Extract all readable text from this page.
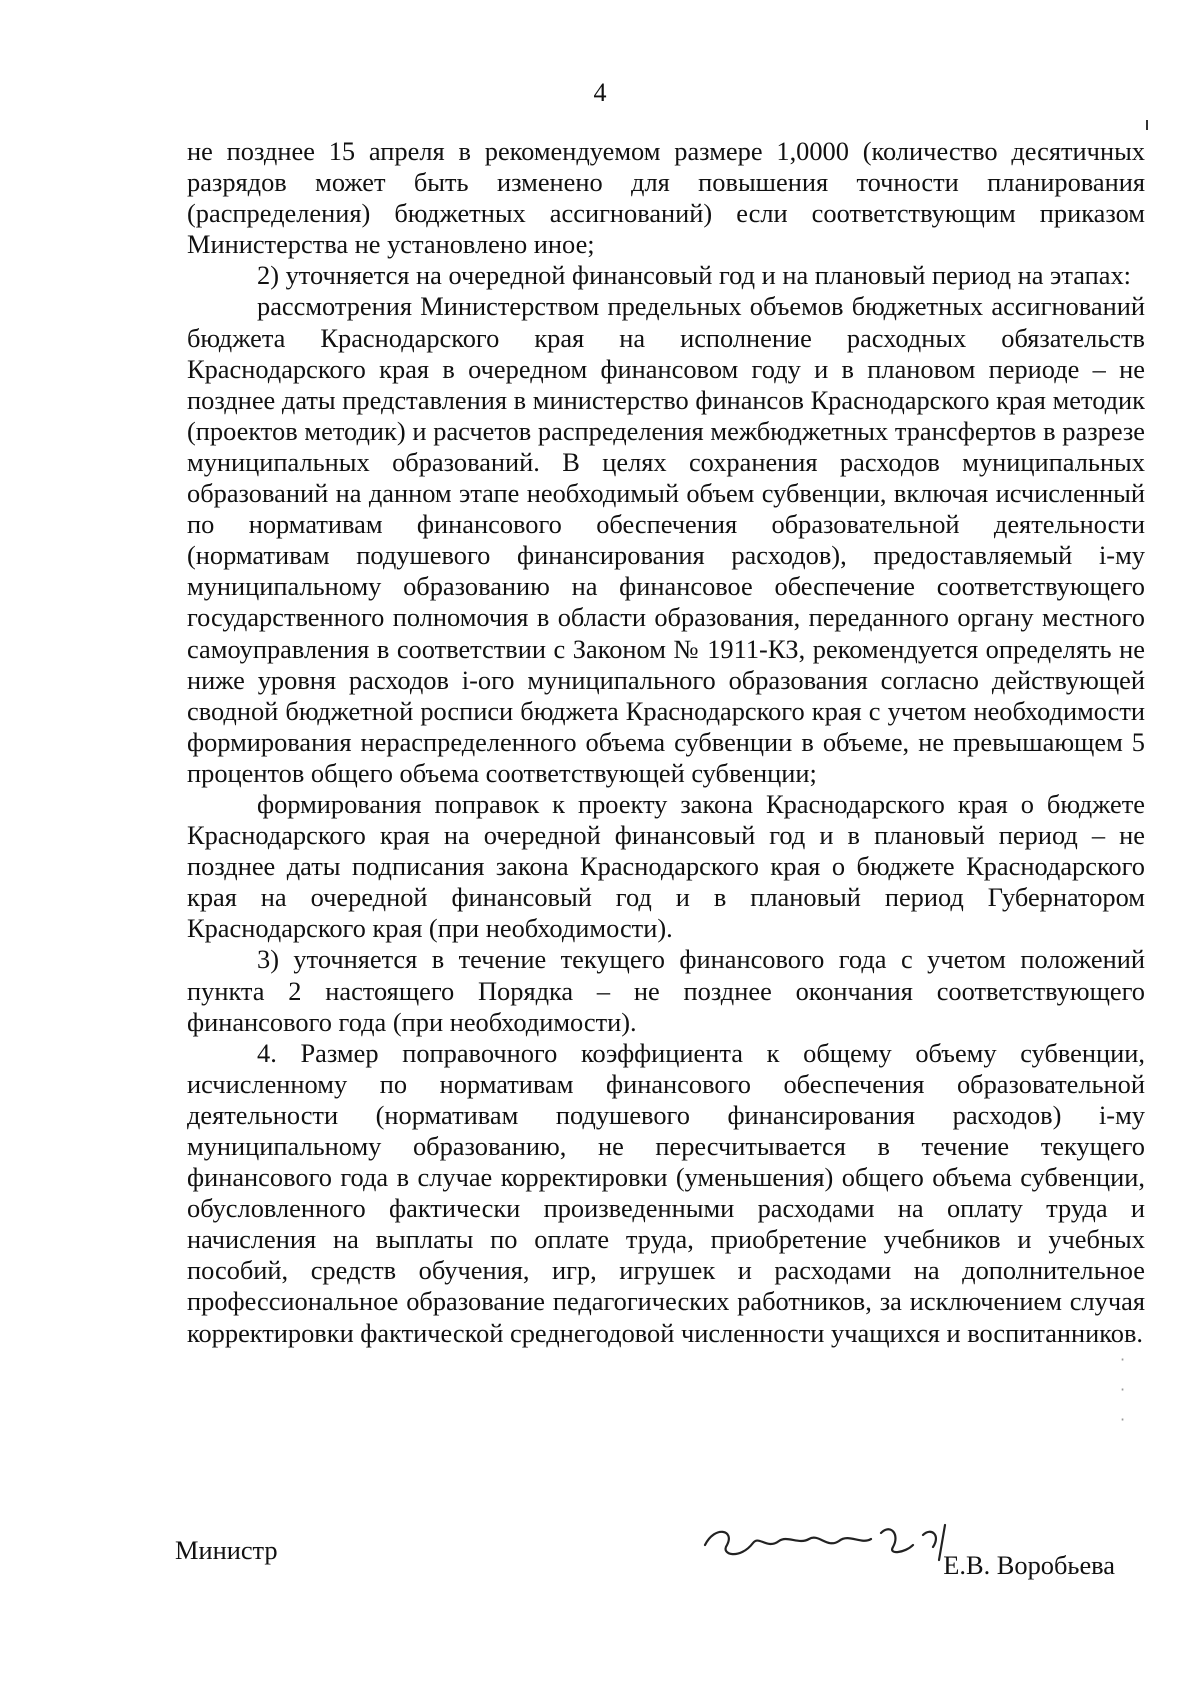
4

не позднее 15 апреля в рекомендуемом размере 1,0000 (количество десятичных разрядов может быть изменено для повышения точности планирования (распределения) бюджетных ассигнований) если соответствующим приказом Министерства не установлено иное;

2) уточняется на очередной финансовый год и на плановый период на этапах:

рассмотрения Министерством предельных объемов бюджетных ассигнований бюджета Краснодарского края на исполнение расходных обязательств Краснодарского края в очередном финансовом году и в плановом периоде – не позднее даты представления в министерство финансов Краснодарского края методик (проектов методик) и расчетов распределения межбюджетных трансфертов в разрезе муниципальных образований. В целях сохранения расходов муниципальных образований на данном этапе необходимый объем субвенции, включая исчисленный по нормативам финансового обеспечения образовательной деятельности (нормативам подушевого финансирования расходов), предоставляемый i-му муниципальному образованию на финансовое обеспечение соответствующего государственного полномочия в области образования, переданного органу местного самоуправления в соответствии с Законом № 1911-КЗ, рекомендуется определять не ниже уровня расходов i-ого муниципального образования согласно действующей сводной бюджетной росписи бюджета Краснодарского края с учетом необходимости формирования нераспределенного объема субвенции в объеме, не превышающем 5 процентов общего объема соответствующей субвенции;

формирования поправок к проекту закона Краснодарского края о бюджете Краснодарского края на очередной финансовый год и в плановый период – не позднее даты подписания закона Краснодарского края о бюджете Краснодарского края на очередной финансовый год и в плановый период Губернатором Краснодарского края (при необходимости).

3) уточняется в течение текущего финансового года с учетом положений пункта 2 настоящего Порядка – не позднее окончания соответствующего финансового года (при необходимости).

4. Размер поправочного коэффициента к общему объему субвенции, исчисленному по нормативам финансового обеспечения образовательной деятельности (нормативам подушевого финансирования расходов) i-му муниципальному образованию, не пересчитывается в течение текущего финансового года в случае корректировки (уменьшения) общего объема субвенции, обусловленного фактически произведенными расходами на оплату труда и начисления на выплаты по оплате труда, приобретение учебников и учебных пособий, средств обучения, игр, игрушек и расходами на дополнительное профессиональное образование педагогических работников, за исключением случая корректировки фактической среднегодовой численности учащихся и воспитанников.

Министр	Е.В. Воробьева
·
·
·
